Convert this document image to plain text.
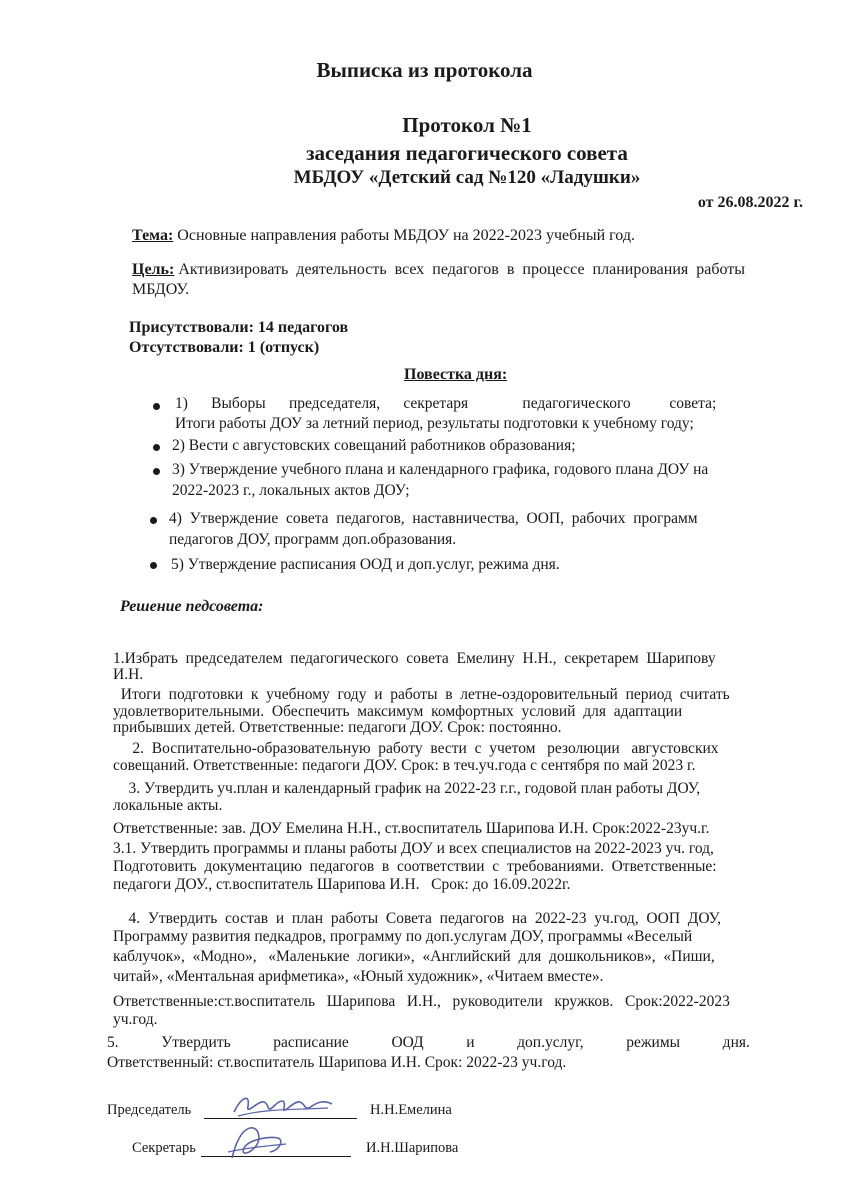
Выписка из протокола
Протокол №1
заседания педагогического совета
МБДОУ «Детский сад №120 «Ладушки»
от 26.08.2022 г.
Тема: Основные направления работы МБДОУ на 2022-2023 учебный год.
Цель: Активизировать деятельность всех педагогов в процессе планирования работы
МБДОУ.
Присутствовали: 14 педагогов
Отсутствовали: 1 (отпуск)
Повестка дня:
1)      Выборы      председателя,      секретаря              педагогического          совета;
Итоги работы ДОУ за летний период, результаты подготовки к учебному году;
2) Вести с августовских совещаний работников образования;
3) Утверждение учебного плана и календарного графика, годового плана ДОУ на
2022-2023 г., локальных актов ДОУ;
4)  Утверждение  совета  педагогов,  наставничества,  ООП,  рабочих  программ
педагогов ДОУ, программ доп.образования.
5) Утверждение расписания ООД и доп.услуг, режима дня.
Решение педсовета:
1.Избрать  председателем  педагогического  совета  Емелину  Н.Н.,  секретарем  Шарипову
И.Н.
Итоги  подготовки  к  учебному  году  и  работы  в  летне-оздоровительный  период  считать
удовлетворительными.  Обеспечить  максимум  комфортных  условий  для  адаптации
прибывших детей. Ответственные: педагоги ДОУ. Срок: постоянно.
2.  Воспитательно-образовательную  работу  вести  с  учетом   резолюции   августовских
совещаний. Ответственные: педагоги ДОУ. Срок: в теч.уч.года с сентября по май 2023 г.
3. Утвердить уч.план и календарный график на 2022-23 г.г., годовой план работы ДОУ,
локальные акты.
Ответственные: зав. ДОУ Емелина Н.Н., ст.воспитатель Шарипова И.Н. Срок:2022-23уч.г.
3.1. Утвердить программы и планы работы ДОУ и всех специалистов на 2022-2023 уч. год,
Подготовить  документацию  педагогов  в  соответствии  с  требованиями.  Ответственные:
педагоги ДОУ., ст.воспитатель Шарипова И.Н.   Срок: до 16.09.2022г.
4.  Утвердить  состав  и  план  работы  Совета  педагогов  на  2022-23  уч.год,  ООП  ДОУ,
Программу развития педкадров, программу по доп.услугам ДОУ, программы «Веселый
каблучок»,  «Модно»,   «Маленькие  логики»,  «Английский  для  дошкольников»,  «Пиши,
читай», «Ментальная арифметика», «Юный художник», «Читаем вместе».
Ответственные:ст.воспитатель   Шарипова   И.Н.,   руководители   кружков.   Срок:2022-2023
уч.год.
5.           Утвердить           расписание           ООД           и           доп.услуг,           режимы           дня.
Ответственный: ст.воспитатель Шарипова И.Н. Срок: 2022-23 уч.год.
Председатель	Н.Н.Емелина
Секретарь	И.Н.Шарипова
